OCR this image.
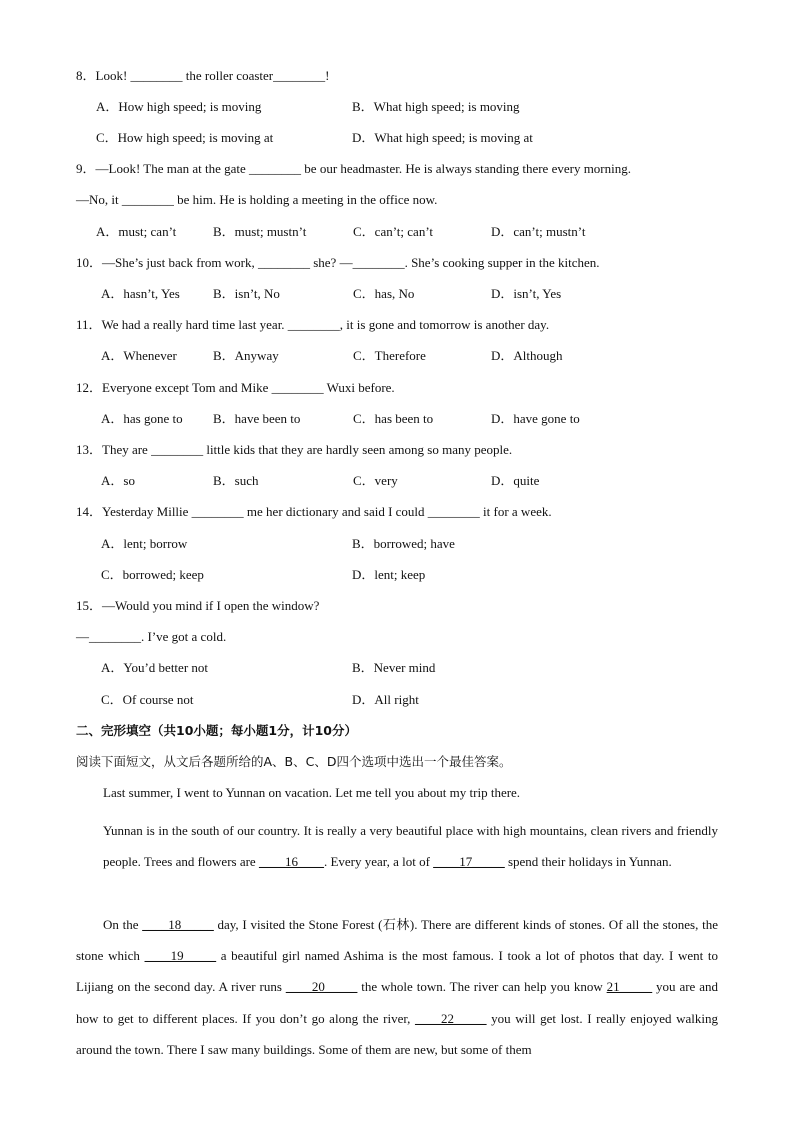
8．Look! ________ the roller coaster________!
A．How high speed; is moving	B．What high speed; is moving
C．How high speed; is moving at	D．What high speed; is moving at
9．—Look! The man at the gate ________ be our headmaster. He is always standing there every morning.
—No, it ________ be him. He is holding a meeting in the office now.
A．must; can’t	B．must; mustn’t	C．can’t; can’t	D．can’t; mustn’t
10．—She’s just back from work, ________ she? —________. She’s cooking supper in the kitchen.
A．hasn’t, Yes	B．isn’t, No	C．has, No	D．isn’t, Yes
11．We had a really hard time last year. ________, it is gone and tomorrow is another day.
A．Whenever	B．Anyway	C．Therefore	D．Although
12．Everyone except Tom and Mike ________ Wuxi before.
A．has gone to B．have been to	C．has been to	D．have gone to
13．They are ________ little kids that they are hardly seen among so many people.
A．so	B．such	C．very	D．quite
14．Yesterday Millie ________ me her dictionary and said I could ________ it for a week.
A．lent; borrow	B．borrowed; have
C．borrowed; keep	D．lent; keep
15．—Would you mind if I open the window?
—________. I’ve got a cold.
A．You’d better not	B．Never mind
C．Of course not	D．All right
二、完形填空（共10小题；每小题1分，计10分）
阅读下面短文，从文后各题所给的A、B、C、D四个选项中选出一个最佳答案。
Last summer, I went to Yunnan on vacation. Let me tell you about my trip there.
Yunnan is in the south of our country. It is really a very beautiful place with high mountains, clean rivers and friendly people. Trees and flowers are ____16____. Every year, a lot of ____17_____ spend their holidays in Yunnan.
On the ____18_____ day, I visited the Stone Forest (石林). There are different kinds of stones. Of all the stones, the stone which ____19_____ a beautiful girl named Ashima is the most famous. I took a lot of photos that day. I went to Lijiang on the second day. A river runs ____20_____ the whole town. The river can help you know 21_____ you are and how to get to different places. If you don’t go along the river, ____22_____ you will get lost. I really enjoyed walking around the town. There I saw many buildings. Some of them are new, but some of them
